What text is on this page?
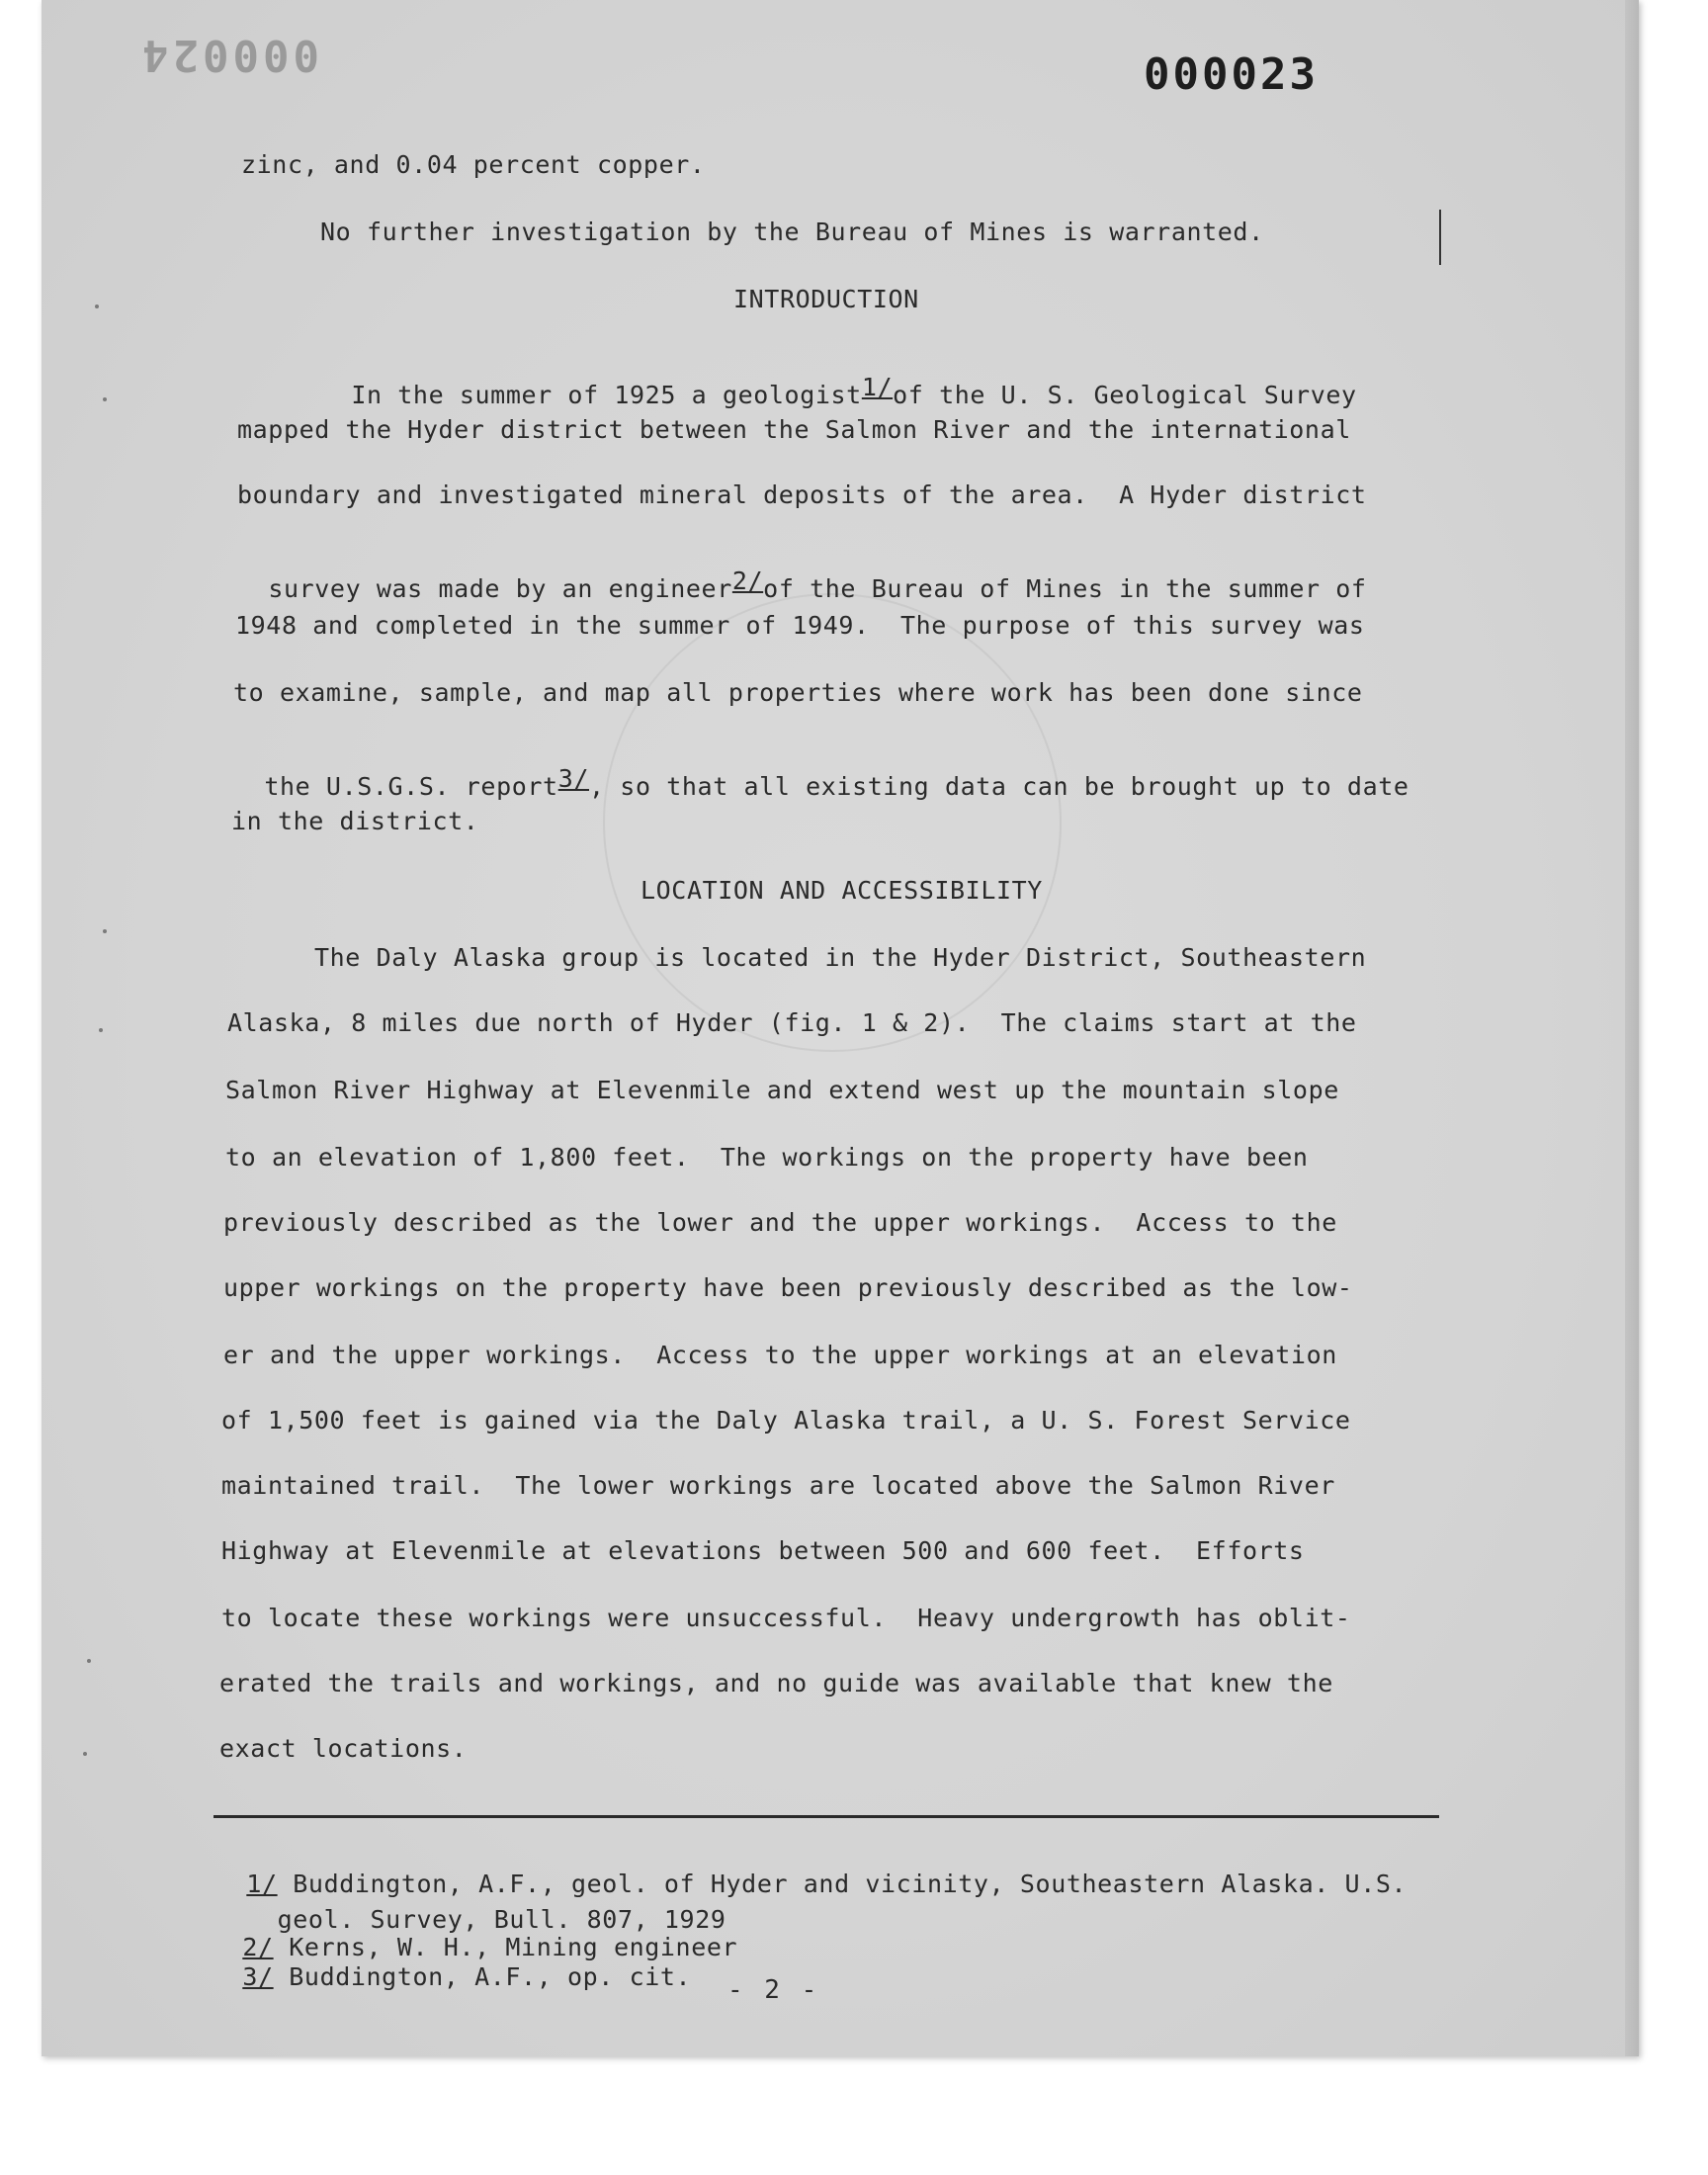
000024	000023
zinc, and 0.04 percent copper.
No further investigation by the Bureau of Mines is warranted.
INTRODUCTION

In the summer of 1925 a geologist1/of the U. S. Geological Survey

mapped the Hyder district between the Salmon River and the international
boundary and investigated mineral deposits of the area.  A Hyder district

survey was made by an engineer2/of the Bureau of Mines in the summer of

1948 and completed in the summer of 1949.  The purpose of this survey was
to examine, sample, and map all properties where work has been done since

the U.S.G.S. report3/, so that all existing data can be brought up to date

in the district.
LOCATION AND ACCESSIBILITY
The Daly Alaska group is located in the Hyder District, Southeastern
Alaska, 8 miles due north of Hyder (fig. 1 & 2).  The claims start at the
Salmon River Highway at Elevenmile and extend west up the mountain slope
to an elevation of 1,800 feet.  The workings on the property have been
previously described as the lower and the upper workings.  Access to the
upper workings on the property have been previously described as the low-
er and the upper workings.  Access to the upper workings at an elevation
of 1,500 feet is gained via the Daly Alaska trail, a U. S. Forest Service
maintained trail.  The lower workings are located above the Salmon River
Highway at Elevenmile at elevations between 500 and 600 feet.  Efforts
to locate these workings were unsuccessful.  Heavy undergrowth has oblit-
erated the trails and workings, and no guide was available that knew the
exact locations.

1/ Buddington, A.F., geol. of Hyder and vicinity, Southeastern Alaska. U.S.

geol. Survey, Bull. 807, 1929

2/ Kerns, W. H., Mining engineer

3/ Buddington, A.F., op. cit. - 2 -
